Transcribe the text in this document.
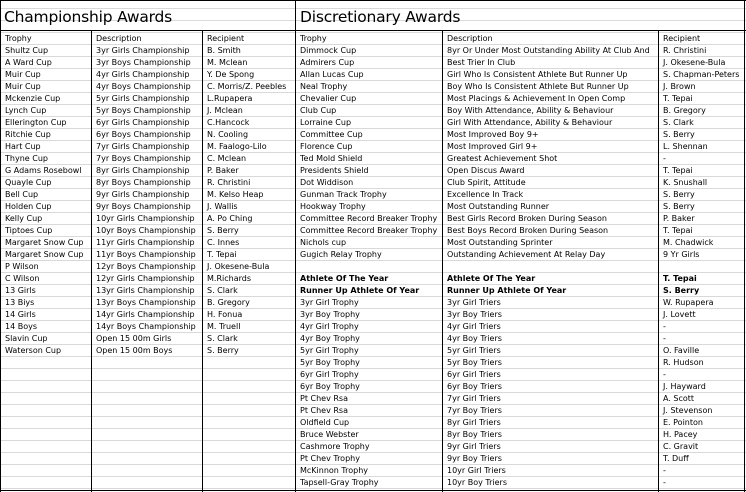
Championship Awards	Discretionary Awards
Trophy
Shultz Cup
A Ward Cup
Muir Cup
Muir Cup
Mckenzie Cup
Lynch Cup
Ellerington Cup
Ritchie Cup
Hart Cup
Thyne Cup
G Adams Rosebowl
Quayle Cup
Bell Cup
Holden Cup
Kelly Cup
Tiptoes Cup
Margaret Snow Cup
Margaret Snow Cup
P Wilson
C Wilson
13 Girls
13 Biys
14 Girls
14 Boys
Slavin Cup
Waterson Cup
Description
3yr Girls Championship
3yr Boys Championship
4yr Girls Championship
4yr Boys Championship
5yr Girls Championship
5yr Boys Championship
6yr Girls Championship
6yr Boys Championship
7yr Girls Championship
7yr Boys Championship
8yr Girls Championship
8yr Boys Championship
9yr Girls Championship
9yr Boys Championship
10yr Girls Championship
10yr Boys Championship
11yr Girls Championship
11yr Boys Championship
12yr Boys Championship
12yr Girls Championship
13yr Girls Championship
13yr Boys Championship
14yr Girls Championship
14yr Boys Championship
Open 15 00m Girls
Open 15 00m Boys
Recipient
B. Smith
M. Mclean
Y. De Spong
C. Morris/Z. Peebles
L.Rupapera
J. Mclean
C.Hancock
N. Cooling
M. Faalogo-Lilo
C. Mclean
P. Baker
R. Christini
M. Kelso Heap
J. Wallis
A. Po Ching
S. Berry
C. Innes
T. Tepai
J. Okesene-Bula
M.Richards
S. Clark
B. Gregory
H. Fonua
M. Truell
S. Clark
S. Berry
Trophy
Dimmock Cup
Admirers Cup
Allan Lucas Cup
Neal Trophy
Chevalier Cup
Club Cup
Lorraine Cup
Committee Cup
Florence Cup
Ted Mold Shield
Presidents Shield
Dot Widdison
Gunman Track Trophy
Hookway Trophy
Committee Record Breaker Trophy
Committee Record Breaker Trophy
Nichols cup
Gugich Relay Trophy
Athlete Of The Year
Runner Up Athlete Of Year
3yr Girl Trophy
3yr Boy Trophy
4yr Girl Trophy
4yr Boy Trophy
5yr Girl Trophy
5yr Boy Trophy
6yr Girl Trophy
6yr Boy Trophy
Pt Chev Rsa
Pt Chev Rsa
Oldfield Cup
Bruce Webster
Cashmore Trophy
Pt Chev Trophy
McKinnon Trophy
Tapsell-Gray Trophy
Description
8yr Or Under Most Outstanding Ability At Club And
Best Trier In Club
Girl Who Is Consistent Athlete But Runner Up
Boy Who Is Consistent Athlete But Runner Up
Most Placings & Achievement In Open Comp
Boy With Attendance, Ability & Behaviour
Girl With Attendance, Ability & Behaviour
Most Improved Boy 9+
Most Improved Girl 9+
Greatest Achievement Shot
Open Discus Award
Club Spirit, Attitude
Excellence In Track
Most Outstanding Runner
Best Girls Record Broken During Season
Best Boys Record Broken During Season
Most Outstanding Sprinter
Outstanding Achievement At Relay Day
Athlete Of The Year
Runner Up Athlete Of Year
3yr Girl Triers
3yr Boy Triers
4yr Girl Triers
4yr Boy Triers
5yr Girl Triers
5yr Boy Triers
6yr Girl Triers
6yr Boy Triers
7yr Girl Triers
7yr Boy Triers
8yr Girl Triers
8yr Boy Triers
9yr Girl Triers
9yr Boy Triers
10yr Girl Triers
10yr Boy Triers
Recipient
R. Christini
J. Okesene-Bula
S. Chapman-Peters
J. Brown
T. Tepai
B. Gregory
S. Clark
S. Berry
L. Shennan
-
T. Tepai
K. Snushall
S. Berry
S. Berry
P. Baker
T. Tepai
M. Chadwick
9 Yr Girls
T. Tepai
S. Berry
W. Rupapera
J. Lovett
-
-
O. Faville
R. Hudson
-
J. Hayward
A. Scott
J. Stevenson
E. Pointon
H. Pacey
C. Gravit
T. Duff
-
-
